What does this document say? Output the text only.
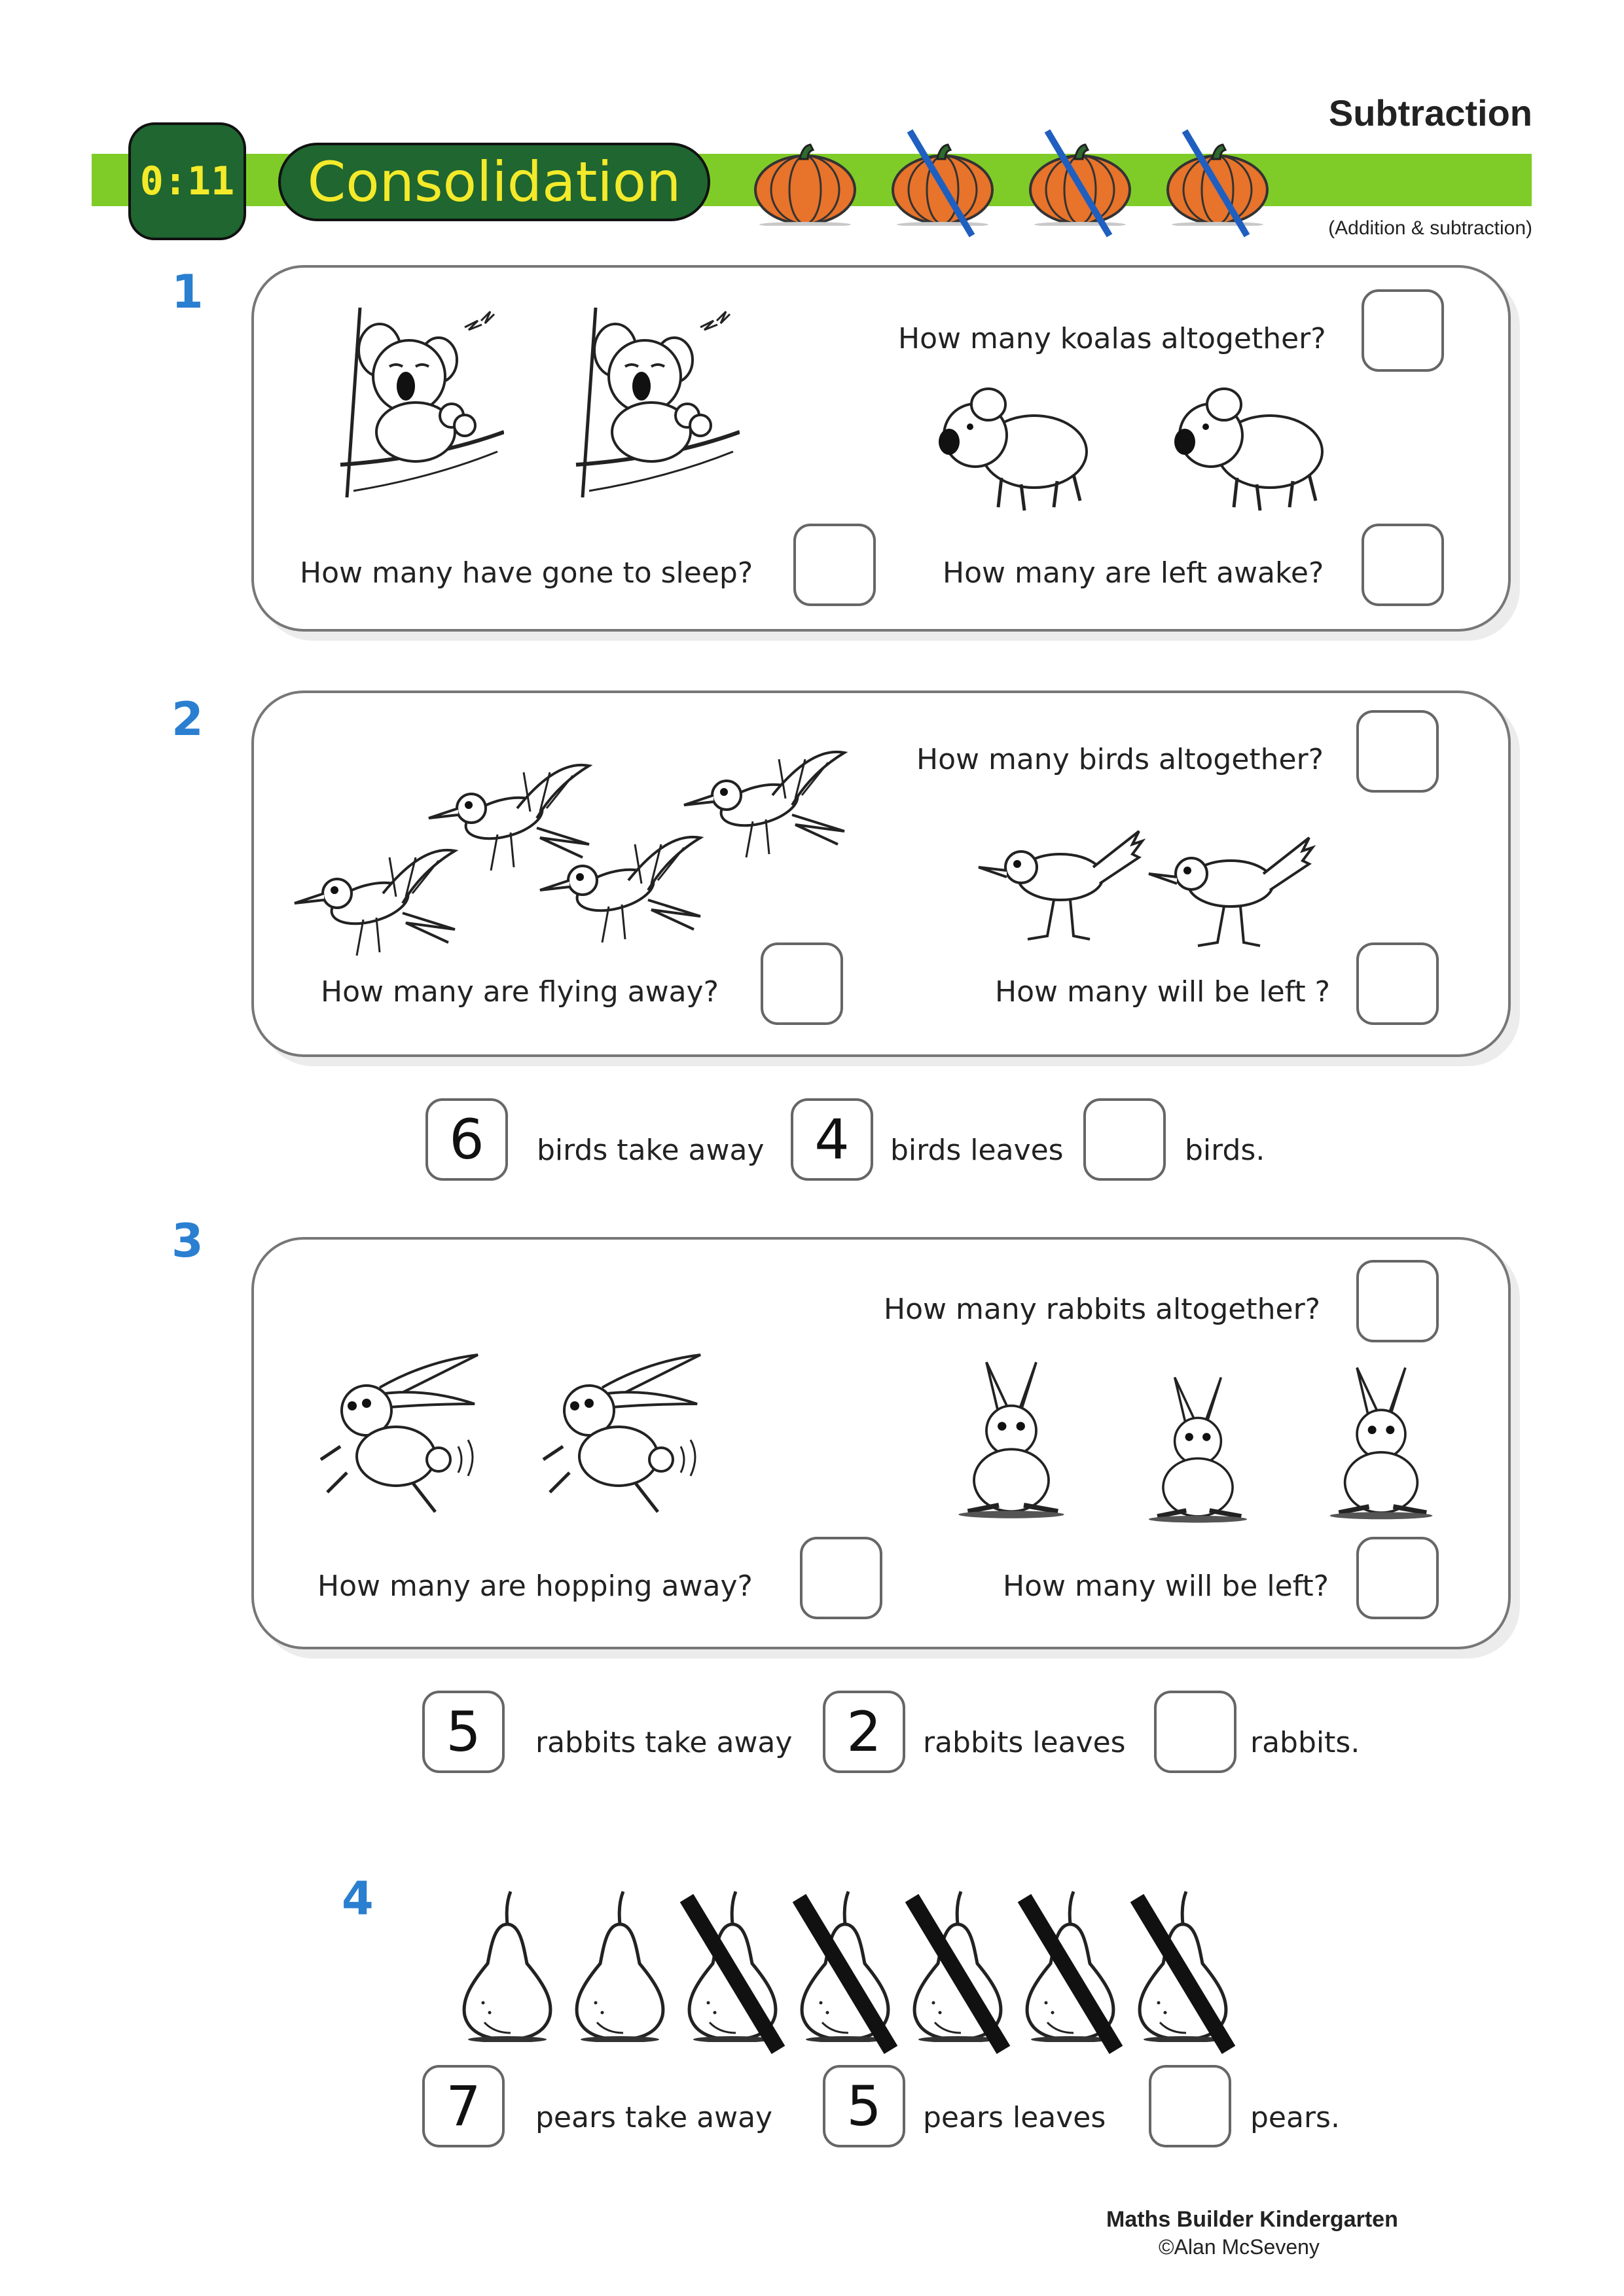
Subtraction
0:11	Consolidation
(Addition & subtraction)
1
How many koalas altogether?
How many have gone to sleep?	How many are left awake?
2
How many birds altogether?
How many are flying away?	How many will be left ?
6	birds take away 4	birds leaves	birds.
3
How many rabbits altogether?
How many are hopping away?	How many will be left?
5	rabbits take away 2	rabbits leaves	rabbits.
4
7	pears take away	5	pears leaves	pears.
Maths Builder Kindergarten
©Alan McSeveny
